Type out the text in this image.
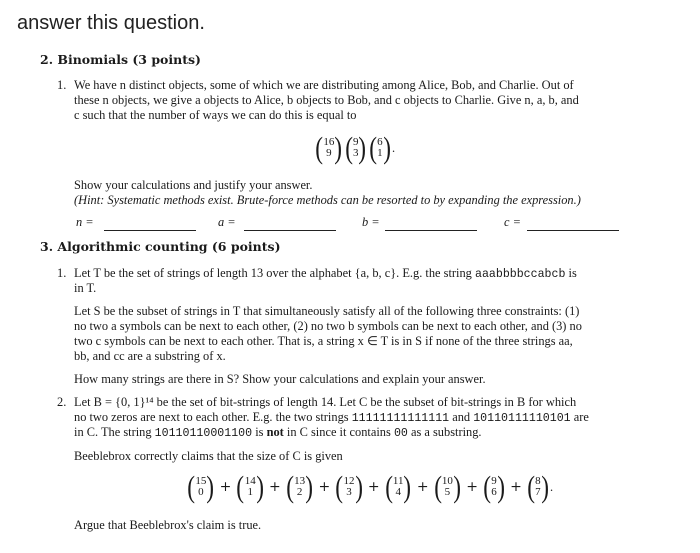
answer this question.
2. Binomials (3 points)
1. We have n distinct objects, some of which we are distributing among Alice, Bob, and Charlie. Out of
these n objects, we give a objects to Alice, b objects to Bob, and c objects to Charlie. Give n, a, b, and
c such that the number of ways we can do this is equal to
( 16
9 ) ( 9
3 ) ( 6
1 ) .
Show your calculations and justify your answer.
(Hint: Systematic methods exist. Brute-force methods can be resorted to by expanding the expression.)
n =	a =	b =	c =
3. Algorithmic counting (6 points)
1. Let T be the set of strings of length 13 over the alphabet {a, b, c}. E.g. the string aaabbbbccabcb is
in T.
Let S be the subset of strings in T that simultaneously satisfy all of the following three constraints: (1)
no two a symbols can be next to each other, (2) no two b symbols can be next to each other, and (3) no
two c symbols can be next to each other. That is, a string x ∈ T is in S if none of the three strings aa,
bb, and cc are a substring of x.
How many strings are there in S? Show your calculations and explain your answer.
2. Let B = {0, 1}¹⁴ be the set of bit-strings of length 14. Let C be the subset of bit-strings in B for which
no two zeros are next to each other. E.g. the two strings 11111111111111 and 10110111110101 are
in C. The string 10110110001100 is not in C since it contains 00 as a substring.
Beeblebrox correctly claims that the size of C is given
( 15
0 ) + ( 14
1 ) + ( 13
2 ) + ( 12
3 ) + ( 11
4 ) + ( 10
5 ) + ( 9
6 ) + ( 8
7 ) .
Argue that Beeblebrox's claim is true.
